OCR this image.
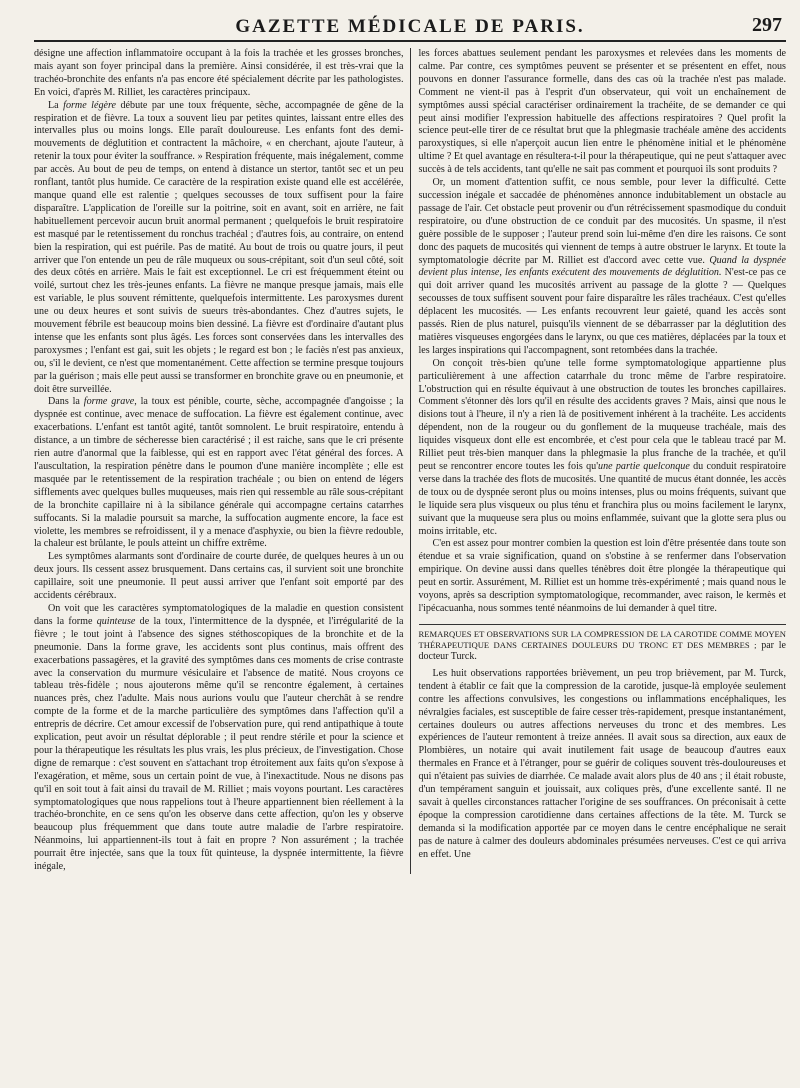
GAZETTE MÉDICALE DE PARIS.	297

désigne une affection inflammatoire occupant à la fois la trachée et les grosses bronches, mais ayant son foyer principal dans la première. Ainsi considérée, il est très-vrai que la trachéo-bronchite des enfants n'a pas encore été spécialement décrite par les pathologistes. En voici, d'après M. Rilliet, les caractères principaux.

La forme légère débute par une toux fréquente, sèche, accompagnée de gêne de la respiration et de fièvre. La toux a souvent lieu par petites quintes, laissant entre elles des intervalles plus ou moins longs. Elle paraît douloureuse. Les enfants font des demi-mouvements de déglutition et contractent la mâchoire, « en cherchant, ajoute l'auteur, à retenir la toux pour éviter la souffrance. » Respiration fréquente, mais inégalement, comme par accès. Au bout de peu de temps, on entend à distance un stertor, tantôt sec et un peu ronflant, tantôt plus humide. Ce caractère de la respiration existe quand elle est accélérée, manque quand elle est ralentie ; quelques secousses de toux suffisent pour la faire disparaître. L'application de l'oreille sur la poitrine, soit en avant, soit en arrière, ne fait habituellement percevoir aucun bruit anormal permanent ; quelquefois le bruit respiratoire est masqué par le retentissement du ronchus trachéal ; d'autres fois, au contraire, on entend bien la respiration, qui est puérile. Pas de matité. Au bout de trois ou quatre jours, il peut arriver que l'on entende un peu de râle muqueux ou sous-crépitant, soit d'un seul côté, soit des deux côtés en arrière. Mais le fait est exceptionnel. Le cri est fréquemment éteint ou voilé, surtout chez les très-jeunes enfants. La fièvre ne manque presque jamais, mais elle est variable, le plus souvent rémittente, quelquefois intermittente. Les paroxysmes durent une ou deux heures et sont suivis de sueurs très-abondantes. Chez d'autres sujets, le mouvement fébrile est beaucoup moins bien dessiné. La fièvre est d'ordinaire d'autant plus intense que les enfants sont plus âgés. Les forces sont conservées dans les intervalles des paroxysmes ; l'enfant est gai, suit les objets ; le regard est bon ; le faciès n'est pas anxieux, ou, s'il le devient, ce n'est que momentanément. Cette affection se termine presque toujours par la guérison ; mais elle peut aussi se transformer en bronchite grave ou en pneumonie, et doit être surveillée.

Dans la forme grave, la toux est pénible, courte, sèche, accompagnée d'angoisse ; la dyspnée est continue, avec menace de suffocation. La fièvre est également continue, avec exacerbations. L'enfant est tantôt agité, tantôt somnolent. Le bruit respiratoire, entendu à distance, a un timbre de sécheresse bien caractérisé ; il est raiche, sans que le cri présente rien autre d'anormal que la faiblesse, qui est en rapport avec l'état général des forces. A l'auscultation, la respiration pénètre dans le poumon d'une manière incomplète ; elle est masquée par le retentissement de la respiration trachéale ; ou bien on entend de légers sifflements avec quelques bulles muqueuses, mais rien qui ressemble au râle sous-crépitant de la bronchite capillaire ni à la sibilance générale qui accompagne certains catarrhes suffocants. Si la maladie poursuit sa marche, la suffocation augmente encore, la face est violette, les membres se refroidissent, il y a menace d'asphyxie, ou bien la fièvre redouble, la chaleur est brûlante, le pouls atteint un chiffre extrême.

Les symptômes alarmants sont d'ordinaire de courte durée, de quelques heures à un ou deux jours. Ils cessent assez brusquement. Dans certains cas, il survient soit une bronchite capillaire, soit une pneumonie. Il peut aussi arriver que l'enfant soit emporté par des accidents cérébraux.

On voit que les caractères symptomatologiques de la maladie en question consistent dans la forme quinteuse de la toux, l'intermittence de la dyspnée, et l'irrégularité de la fièvre ; le tout joint à l'absence des signes stéthoscopiques de la bronchite et de la pneumonie. Dans la forme grave, les accidents sont plus continus, mais offrent des exacerbations passagères, et la gravité des symptômes dans ces moments de crise contraste avec la conservation du murmure vésiculaire et l'absence de matité. Nous croyons ce tableau très-fidèle ; nous ajouterons même qu'il se rencontre également, à certaines nuances près, chez l'adulte. Mais nous aurions voulu que l'auteur cherchât à se rendre compte de la forme et de la marche particulière des symptômes dans l'affection qu'il a entrepris de décrire. Cet amour excessif de l'observation pure, qui rend antipathique à toute explication, peut avoir un résultat déplorable ; il peut rendre stérile et pour la science et pour la thérapeutique les résultats les plus vrais, les plus précieux, de l'investigation. Chose digne de remarque : c'est souvent en s'attachant trop étroitement aux faits qu'on s'expose à l'exagération, et même, sous un certain point de vue, à l'inexactitude. Nous ne disons pas qu'il en soit tout à fait ainsi du travail de M. Rilliet ; mais voyons pourtant. Les caractères symptomatologiques que nous rappelions tout à l'heure appartiennent bien réellement à la trachéo-bronchite, en ce sens qu'on les observe dans cette affection, qu'on les y observe beaucoup plus fréquemment que dans toute autre maladie de l'arbre respiratoire. Néanmoins, lui appartiennent-ils tout à fait en propre ? Non assurément ; la trachée pourrait être injectée, sans que la toux fût quinteuse, la dyspnée intermittente, la fièvre inégale,

les forces abattues seulement pendant les paroxysmes et relevées dans les moments de calme. Par contre, ces symptômes peuvent se présenter et se présentent en effet, nous pouvons en donner l'assurance formelle, dans des cas où la trachée n'est pas malade. Comment ne vient-il pas à l'esprit d'un observateur, qui voit un enchaînement de symptômes aussi spécial caractériser ordinairement la trachéite, de se demander ce qui peut ainsi modifier l'expression habituelle des affections respiratoires ? Quel profit la science peut-elle tirer de ce résultat brut que la phlegmasie trachéale amène des accidents paroxystiques, si elle n'aperçoit aucun lien entre le phénomène initial et le phénomène ultime ? Et quel avantage en résultera-t-il pour la thérapeutique, qui ne peut s'attaquer avec succès à de tels accidents, tant qu'elle ne sait pas comment et pourquoi ils sont produits ?

Or, un moment d'attention suffit, ce nous semble, pour lever la difficulté. Cette succession inégale et saccadée de phénomènes annonce indubitablement un obstacle au passage de l'air. Cet obstacle peut provenir ou d'un rétrécissement spasmodique du conduit respiratoire, ou d'une obstruction de ce conduit par des mucosités. Un spasme, il n'est guère possible de le supposer ; l'auteur prend soin lui-même d'en dire les raisons. Ce sont donc des paquets de mucosités qui viennent de temps à autre obstruer le larynx. Et toute la symptomatologie décrite par M. Rilliet est d'accord avec cette vue. Quand la dyspnée devient plus intense, les enfants exécutent des mouvements de déglutition. N'est-ce pas ce qui doit arriver quand les mucosités arrivent au passage de la glotte ? — Quelques secousses de toux suffisent souvent pour faire disparaître les râles trachéaux. C'est qu'elles déplacent les mucosités. — Les enfants recouvrent leur gaieté, quand les accès sont passés. Rien de plus naturel, puisqu'ils viennent de se débarrasser par la déglutition des matières visqueuses engorgées dans le larynx, ou que ces matières, déplacées par la toux et les larges inspirations qui l'accompagnent, sont retombées dans la trachée.

On conçoit très-bien qu'une telle forme symptomatologique appartienne plus particulièrement à une affection catarrhale du tronc même de l'arbre respiratoire. L'obstruction qui en résulte équivaut à une obstruction de toutes les bronches capillaires. Comment s'étonner dès lors qu'il en résulte des accidents graves ? Mais, ainsi que nous le disions tout à l'heure, il n'y a rien là de positivement inhérent à la trachéite. Les accidents dépendent, non de la rougeur ou du gonflement de la muqueuse trachéale, mais des liquides visqueux dont elle est encombrée, et c'est pour cela que le tableau tracé par M. Rilliet peut très-bien manquer dans la phlegmasie la plus franche de la trachée, et qu'il peut se rencontrer encore toutes les fois qu'une partie quelconque du conduit respiratoire verse dans la trachée des flots de mucosités. Une quantité de mucus étant donnée, les accès de toux ou de dyspnée seront plus ou moins intenses, plus ou moins fréquents, suivant que le liquide sera plus visqueux ou plus ténu et franchira plus ou moins facilement le larynx, suivant que la muqueuse sera plus ou moins enflammée, suivant que la glotte sera plus ou moins irritable, etc.

C'en est assez pour montrer combien la question est loin d'être présentée dans toute son étendue et sa vraie signification, quand on s'obstine à se renfermer dans l'observation empirique. On devine aussi dans quelles ténèbres doit être plongée la thérapeutique qui peut en sortir. Assurément, M. Rilliet est un homme très-expérimenté ; mais quand nous le voyons, après sa description symptomatologique, recommander, avec raison, le kermès et l'ipécacuanha, nous sommes tenté néanmoins de lui demander à quel titre.

REMARQUES ET OBSERVATIONS SUR LA COMPRESSION DE LA CAROTIDE COMME MOYEN THÉRAPEUTIQUE DANS CERTAINES DOULEURS DU TRONC ET DES MEMBRES ; par le docteur Turck.

Les huit observations rapportées brièvement, un peu trop brièvement, par M. Turck, tendent à établir ce fait que la compression de la carotide, jusque-là employée seulement contre les affections convulsives, les congestions ou inflammations encéphaliques, les névralgies faciales, est susceptible de faire cesser très-rapidement, presque instantanément, certaines douleurs ou autres affections nerveuses du tronc et des membres. Les expériences de l'auteur remontent à treize années. Il avait sous sa direction, aux eaux de Plombières, un notaire qui avait inutilement fait usage de beaucoup d'autres eaux thermales en France et à l'étranger, pour se guérir de coliques souvent très-douloureuses et qui n'étaient pas suivies de diarrhée. Ce malade avait alors plus de 40 ans ; il était robuste, d'un tempérament sanguin et jouissait, aux coliques près, d'une excellente santé. Il ne savait à quelles circonstances rattacher l'origine de ses souffrances. On préconisait à cette époque la compression carotidienne dans certaines affections de la tête. M. Turck se demanda si la modification apportée par ce moyen dans le centre encéphalique ne serait pas de nature à calmer des douleurs abdominales présumées nerveuses. C'est ce qui arriva en effet. Une
